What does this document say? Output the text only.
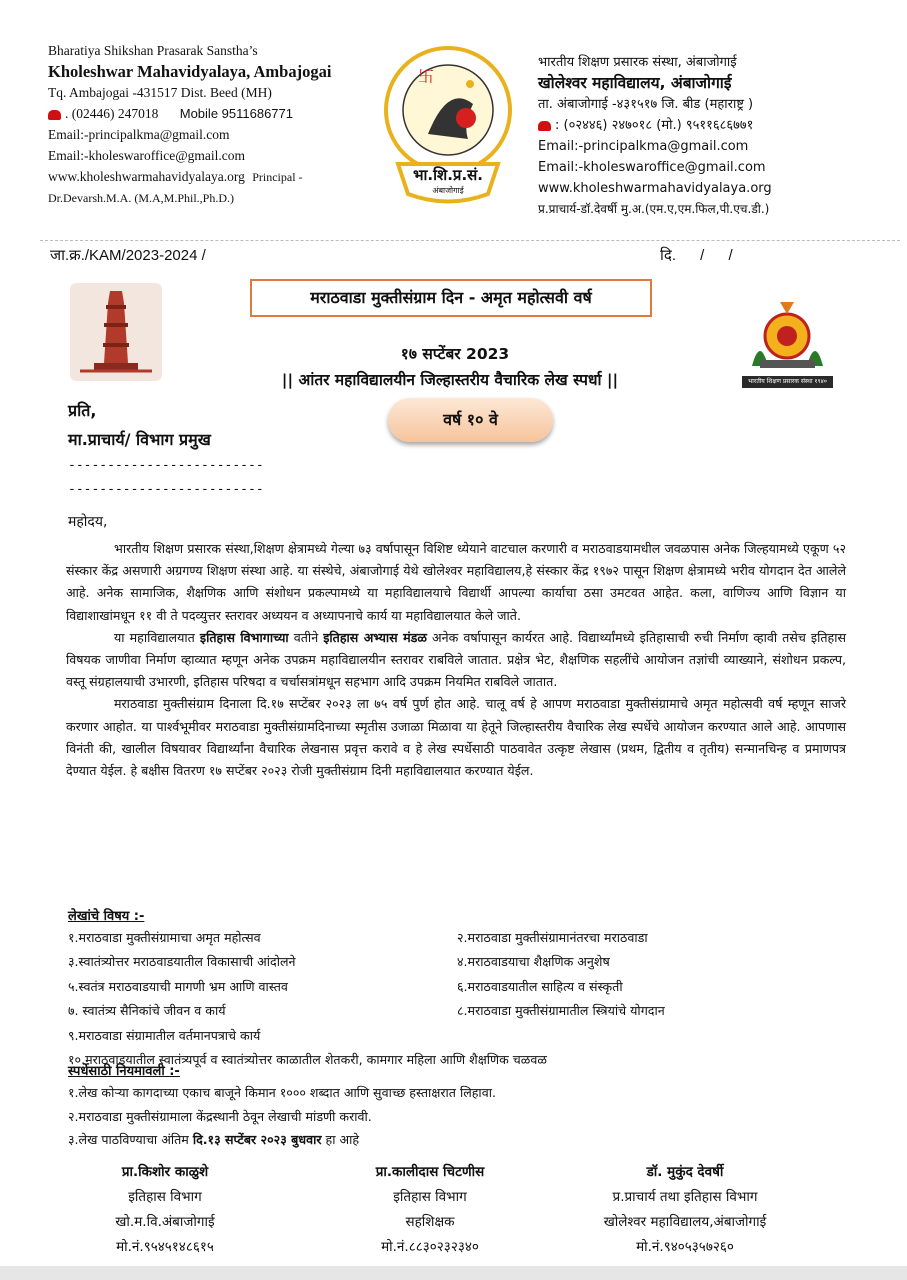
Bharatiya Shikshan Prasarak Sanstha’s
Kholeshwar Mahavidyalaya, Ambajogai
Tq. Ambajogai -431517 Dist. Beed (MH)
. (02446) 247018 Mobile 9511686771
Email:-principalkma@gmail.com
Email:-kholeswaroffice@gmail.com
www.kholeshwarmahavidyalaya.org Principal -
Dr.Devarsh.M.A. (M.A,M.Phil.,Ph.D.)
卐
भा.शि.प्र.सं.
अंबाजोगाई
भारतीय शिक्षण प्रसारक संस्था, अंबाजोगाई
खोलेश्वर महाविद्यालय, अंबाजोगाई
ता. अंबाजोगाई -४३१५१७ जि. बीड (महाराष्ट्र )
: (०२४४६) २४७०१८ (मो.) ९५११६८६७७१
Email:-principalkma@gmail.com
Email:-kholeswaroffice@gmail.com
www.kholeshwarmahavidyalaya.org
प्र.प्राचार्य-डॉ.देवर्षी मु.अ.(एम.ए,एम.फिल,पी.एच.डी.)
जा.क्र./KAM/2023-2024 /	दि. / /
मराठवाडा मुक्तीसंग्राम दिन - अमृत महोत्सवी वर्ष
१७ सप्टेंबर 2023
|| आंतर महाविद्यालयीन जिल्हास्तरीय वैचारिक लेख स्पर्धा ||	भारतीय शिक्षण प्रसारक संस्था १९४०
प्रति,
मा.प्राचार्य/ विभाग प्रमुख
वर्ष १० वे
-------------------------
-------------------------
महोदय,

भारतीय शिक्षण प्रसारक संस्था,शिक्षण क्षेत्रामध्ये गेल्या ७३ वर्षापासून विशिष्ट ध्येयाने वाटचाल करणारी व मराठवाडयामधील जवळपास अनेक जिल्हयामध्ये एकूण ५२ संस्कार केंद्र असणारी अग्रगण्य शिक्षण संस्था आहे. या संस्थेचे, अंबाजोगाई येथे खोलेश्वर महाविद्यालय,हे संस्कार केंद्र १९७२ पासून शिक्षण क्षेत्रामध्ये भरीव योगदान देत आलेले आहे. अनेक सामाजिक, शैक्षणिक आणि संशोधन प्रकल्पामध्ये या महाविद्यालयाचे विद्यार्थी आपल्या कार्याचा ठसा उमटवत आहेत. कला, वाणिज्य आणि विज्ञान या विद्याशाखांमधून ११ वी ते पदव्युत्तर स्तरावर अध्ययन व अध्यापनाचे कार्य या महाविद्यालयात केले जाते.

या महाविद्यालयात इतिहास विभागाच्या वतीने इतिहास अभ्यास मंडळ अनेक वर्षापासून कार्यरत आहे. विद्यार्थ्यांमध्ये इतिहासाची रुची निर्माण व्हावी तसेच इतिहास विषयक जाणीवा निर्माण व्हाव्यात म्हणून अनेक उपक्रम महाविद्यालयीन स्तरावर राबविले जातात. प्रक्षेत्र भेट, शैक्षणिक सहलींचे आयोजन तज्ञांची व्याख्याने, संशोधन प्रकल्प, वस्तू संग्रहालयाची उभारणी, इतिहास परिषदा व चर्चासत्रांमधून सहभाग आदि उपक्रम नियमित राबविले जातात.

मराठवाडा मुक्तीसंग्राम दिनाला दि.१७ सप्टेंबर २०२३ ला ७५ वर्ष पुर्ण होत आहे. चालू वर्ष हे आपण मराठवाडा मुक्तीसंग्रामाचे अमृत महोत्सवी वर्ष म्हणून साजरे करणार आहोत. या पार्श्वभूमीवर मराठवाडा मुक्तीसंग्रामदिनाच्या स्मृतीस उजाळा मिळावा या हेतूने जिल्हास्तरीय वैचारिक लेख स्पर्धेचे आयोजन करण्यात आले आहे. आपणास विनंती की, खालील विषयावर विद्यार्थ्यांना वैचारिक लेखनास प्रवृत्त करावे व हे लेख स्पर्धेसाठी पाठवावेत उत्कृष्ट लेखास (प्रथम, द्वितीय व तृतीय) सन्मानचिन्ह व प्रमाणपत्र देण्यात येईल. हे बक्षीस वितरण १७ सप्टेंबर २०२३ रोजी मुक्तीसंग्राम दिनी महाविद्यालयात करण्यात येईल.

लेखांचे विषय :-
१.मराठवाडा मुक्तीसंग्रामाचा अमृत महोत्सव	२.मराठवाडा मुक्तीसंग्रामानंतरचा मराठवाडा
३.स्वातंत्र्योत्तर मराठवाडयातील विकासाची आंदोलने	४.मराठवाडयाचा शैक्षणिक अनुशेष
५.स्वतंत्र मराठवाडयाची मागणी भ्रम आणि वास्तव	६.मराठवाडयातील साहित्य व संस्कृती
७. स्वातंत्र्य सैनिकांचे जीवन व कार्य	८.मराठवाडा मुक्तीसंग्रामातील स्त्रियांचे योगदान
९.मराठवाडा संग्रामातील वर्तमानपत्राचे कार्य
१०.मराठवाडयातील स्वातंत्र्यपूर्व व स्वातंत्र्योत्तर काळातील शेतकरी, कामगार महिला आणि शैक्षणिक चळवळ
स्पर्धेसाठी नियमावली :-
१.लेख कोऱ्या कागदाच्या एकाच बाजूने किमान १००० शब्दात आणि सुवाच्छ हस्ताक्षरात लिहावा.
२.मराठवाडा मुक्तीसंग्रामाला केंद्रस्थानी ठेवून लेखाची मांडणी करावी.
३.लेख पाठविण्याचा अंतिम दि.१३ सप्टेंबर २०२३ बुधवार हा आहे
प्रा.किशोर काळुशे
इतिहास विभाग
खो.म.वि.अंबाजोगाई
मो.नं.९५४५१४८६१५
प्रा.कालीदास चिटणीस
इतिहास विभाग
सहशिक्षक
मो.नं.८८३०२३२३४०
डॉ. मुकुंद देवर्षी
प्र.प्राचार्य तथा इतिहास विभाग
खोलेश्वर महाविद्यालय,अंबाजोगाई
मो.नं.९४०५३५७२६०
